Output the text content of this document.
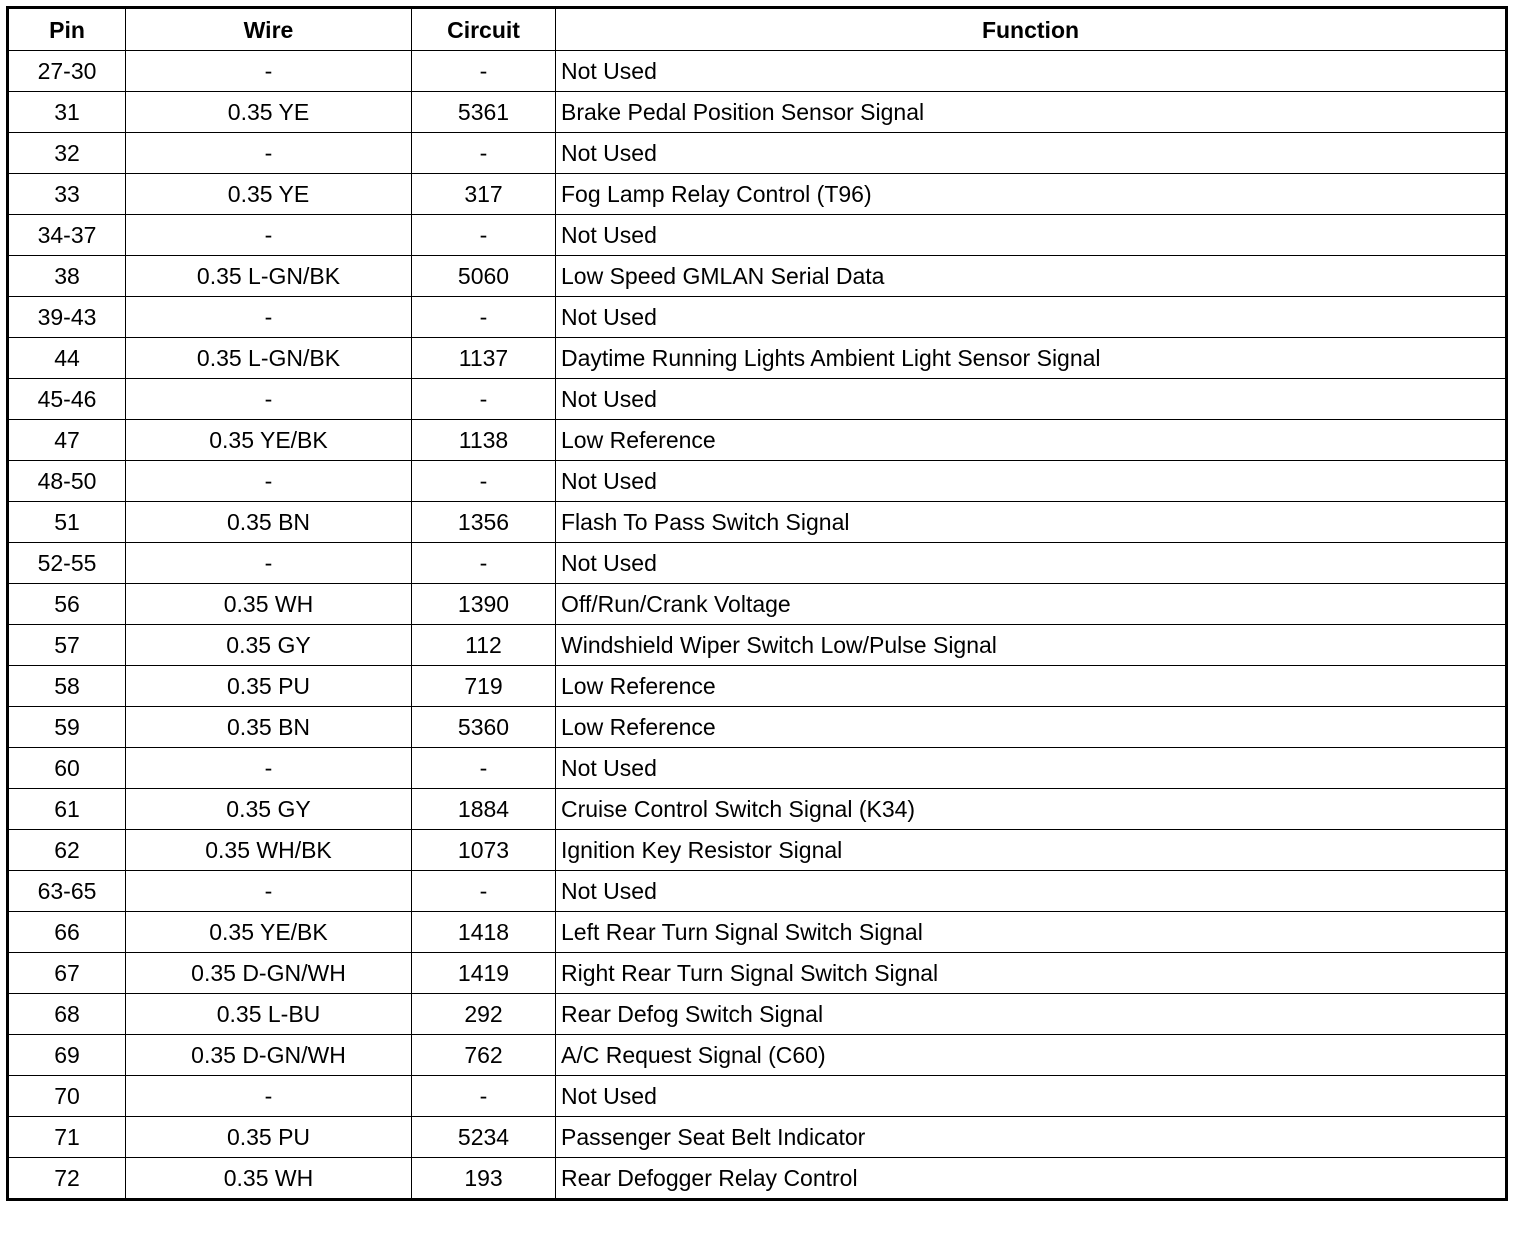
Pin	Wire	Circuit	Function
27-30	-	-	Not Used
31	0.35 YE	5361	Brake Pedal Position Sensor Signal
32	-	-	Not Used
33	0.35 YE	317	Fog Lamp Relay Control (T96)
34-37	-	-	Not Used
38	0.35 L-GN/BK	5060	Low Speed GMLAN Serial Data
39-43	-	-	Not Used
44	0.35 L-GN/BK	1137	Daytime Running Lights Ambient Light Sensor Signal
45-46	-	-	Not Used
47	0.35 YE/BK	1138	Low Reference
48-50	-	-	Not Used
51	0.35 BN	1356	Flash To Pass Switch Signal
52-55	-	-	Not Used
56	0.35 WH	1390	Off/Run/Crank Voltage
57	0.35 GY	112	Windshield Wiper Switch Low/Pulse Signal
58	0.35 PU	719	Low Reference
59	0.35 BN	5360	Low Reference
60	-	-	Not Used
61	0.35 GY	1884	Cruise Control Switch Signal (K34)
62	0.35 WH/BK	1073	Ignition Key Resistor Signal
63-65	-	-	Not Used
66	0.35 YE/BK	1418	Left Rear Turn Signal Switch Signal
67	0.35 D-GN/WH	1419	Right Rear Turn Signal Switch Signal
68	0.35 L-BU	292	Rear Defog Switch Signal
69	0.35 D-GN/WH	762	A/C Request Signal (C60)
70	-	-	Not Used
71	0.35 PU	5234	Passenger Seat Belt Indicator
72	0.35 WH	193	Rear Defogger Relay Control
